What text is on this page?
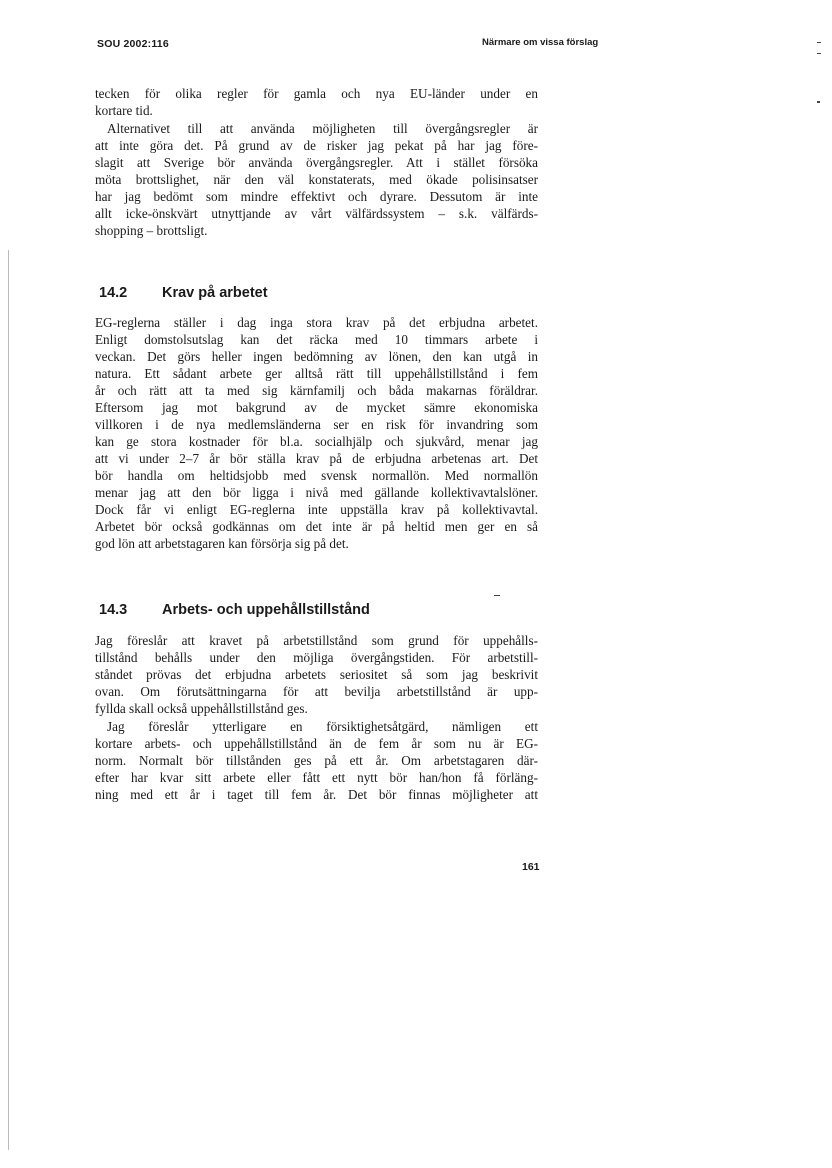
SOU 2002:116	Närmare om vissa förslag
tecken för olika regler för gamla och nya EU-länder under en
kortare tid.
Alternativet till att använda möjligheten till övergångsregler är
att inte göra det. På grund av de risker jag pekat på har jag före-
slagit att Sverige bör använda övergångsregler. Att i stället försöka
möta brottslighet, när den väl konstaterats, med ökade polisinsatser
har jag bedömt som mindre effektivt och dyrare. Dessutom är inte
allt icke-önskvärt utnyttjande av vårt välfärdssystem – s.k. välfärds-
shopping – brottsligt.
14.2 Krav på arbetet
EG-reglerna ställer i dag inga stora krav på det erbjudna arbetet.
Enligt domstolsutslag kan det räcka med 10 timmars arbete i
veckan. Det görs heller ingen bedömning av lönen, den kan utgå in
natura. Ett sådant arbete ger alltså rätt till uppehållstillstånd i fem
år och rätt att ta med sig kärnfamilj och båda makarnas föräldrar.
Eftersom jag mot bakgrund av de mycket sämre ekonomiska
villkoren i de nya medlemsländerna ser en risk för invandring som
kan ge stora kostnader för bl.a. socialhjälp och sjukvård, menar jag
att vi under 2–7 år bör ställa krav på de erbjudna arbetenas art. Det
bör handla om heltidsjobb med svensk normallön. Med normallön
menar jag att den bör ligga i nivå med gällande kollektivavtalslöner.
Dock får vi enligt EG-reglerna inte uppställa krav på kollektivavtal.
Arbetet bör också godkännas om det inte är på heltid men ger en så
god lön att arbetstagaren kan försörja sig på det.
14.3 Arbets- och uppehållstillstånd
Jag föreslår att kravet på arbetstillstånd som grund för uppehålls-
tillstånd behålls under den möjliga övergångstiden. För arbetstill-
ståndet prövas det erbjudna arbetets seriositet så som jag beskrivit
ovan. Om förutsättningarna för att bevilja arbetstillstånd är upp-
fyllda skall också uppehållstillstånd ges.
Jag föreslår ytterligare en försiktighetsåtgärd, nämligen ett
kortare arbets- och uppehållstillstånd än de fem år som nu är EG-
norm. Normalt bör tillstånden ges på ett år. Om arbetstagaren där-
efter har kvar sitt arbete eller fått ett nytt bör han/hon få förläng-
ning med ett år i taget till fem år. Det bör finnas möjligheter att
161
